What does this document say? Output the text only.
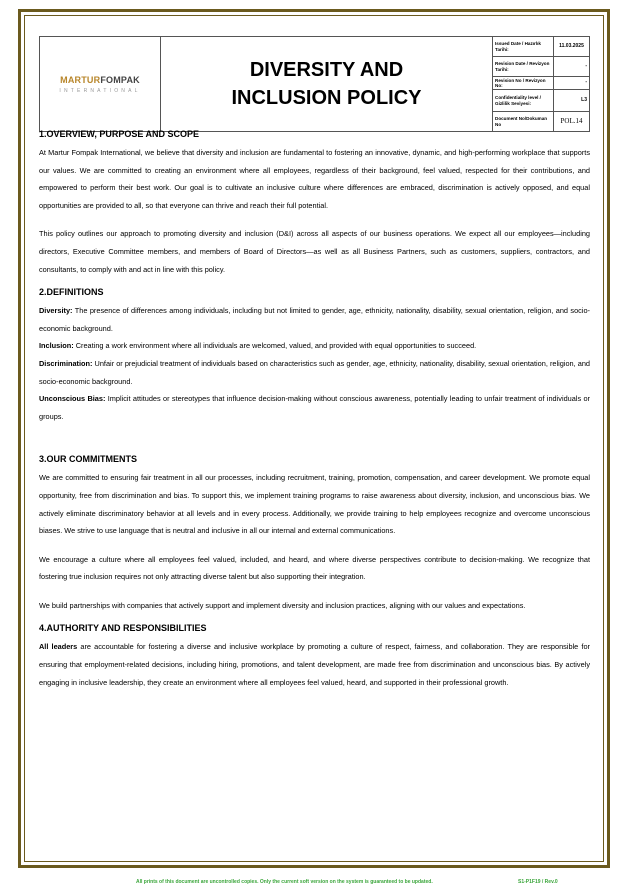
MARTURFOMPAK
INTERNATIONAL
DIVERSITY AND INCLUSION POLICY
Issued Date / Hazırlık Tarihi:
11.03.2025
Revision Date / Revizyon Tarihi:
-
Revision No / Revizyon No:
-
Confidentiality level / Gizlilik Seviyesi:
L3
Document No/Dokuman No	POL.14
1.OVERVIEW, PURPOSE AND SCOPE

At Martur Fompak International, we believe that diversity and inclusion are fundamental to fostering an innovative, dynamic, and high-performing workplace that supports our values. We are committed to creating an environment where all employees, regardless of their background, feel valued, respected for their contributions, and empowered to perform their best work. Our goal is to cultivate an inclusive culture where differences are embraced, discrimination is actively opposed, and equal opportunities are provided to all, so that everyone can thrive and reach their full potential.

This policy outlines our approach to promoting diversity and inclusion (D&I) across all aspects of our business operations. We expect all our employees—including directors, Executive Committee members, and members of Board of Directors—as well as all Business Partners, such as customers, suppliers, contractors, and consultants, to comply with and act in line with this policy.

2.DEFINITIONS

Diversity: The presence of differences among individuals, including but not limited to gender, age, ethnicity, nationality, disability, sexual orientation, religion, and socio-economic background.

Inclusion: Creating a work environment where all individuals are welcomed, valued, and provided with equal opportunities to succeed.

Discrimination: Unfair or prejudicial treatment of individuals based on characteristics such as gender, age, ethnicity, nationality, disability, sexual orientation, religion, and socio-economic background.

Unconscious Bias: Implicit attitudes or stereotypes that influence decision-making without conscious awareness, potentially leading to unfair treatment of individuals or groups.

3.OUR COMMITMENTS

We are committed to ensuring fair treatment in all our processes, including recruitment, training, promotion, compensation, and career development. We promote equal opportunity, free from discrimination and bias. To support this, we implement training programs to raise awareness about diversity, inclusion, and unconscious bias. We actively eliminate discriminatory behavior at all levels and in every process. Additionally, we provide training to help employees recognize and overcome unconscious biases. We strive to use language that is neutral and inclusive in all our internal and external communications.

We encourage a culture where all employees feel valued, included, and heard, and where diverse perspectives contribute to decision-making. We recognize that fostering true inclusion requires not only attracting diverse talent but also supporting their integration.

We build partnerships with companies that actively support and implement diversity and inclusion practices, aligning with our values and expectations.

4.AUTHORITY AND RESPONSIBILITIES

All leaders are accountable for fostering a diverse and inclusive workplace by promoting a culture of respect, fairness, and collaboration. They are responsible for ensuring that employment-related decisions, including hiring, promotions, and talent development, are made free from discrimination and unconscious bias. By actively engaging in inclusive leadership, they create an environment where all employees feel valued, heard, and supported in their professional growth.

All prints of this document are uncontrolled copies. Only the current soft version on the system is guaranteed to be updated.	S1-P1F19 / Rev.0
